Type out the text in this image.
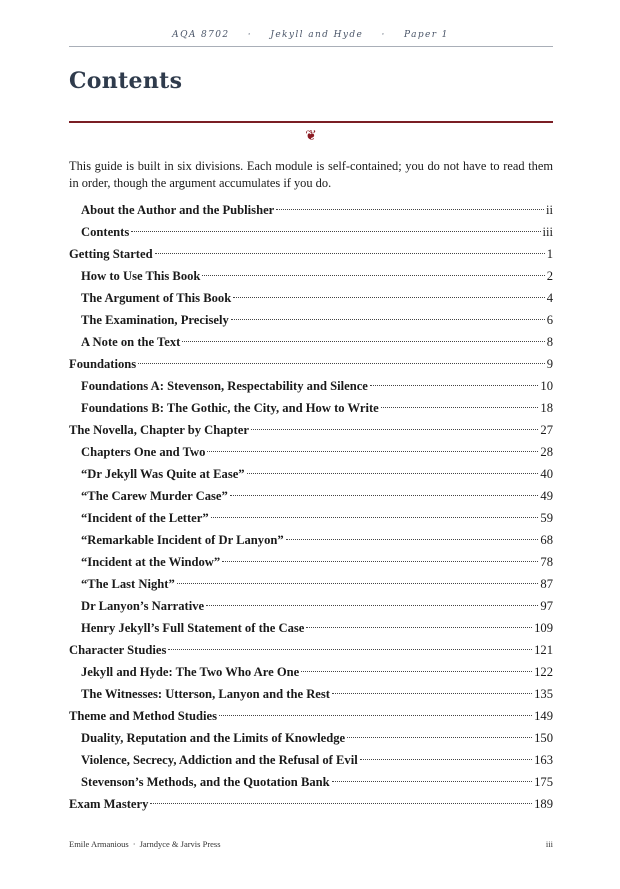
AQA 8702 · Jekyll and Hyde · Paper 1
Contents
❦

This guide is built in six divisions. Each module is self-contained; you do not have to read them in order, though the argument accumulates if you do.

About the Author and the Publisher	ii
Contents	iii
Getting Started	1
How to Use This Book	2
The Argument of This Book	4
The Examination, Precisely	6
A Note on the Text	8
Foundations	9
Foundations A: Stevenson, Respectability and Silence	10
Foundations B: The Gothic, the City, and How to Write	18
The Novella, Chapter by Chapter	27
Chapters One and Two	28
“Dr Jekyll Was Quite at Ease”	40
“The Carew Murder Case”	49
“Incident of the Letter”	59
“Remarkable Incident of Dr Lanyon”	68
“Incident at the Window”	78
“The Last Night”	87
Dr Lanyon’s Narrative	97
Henry Jekyll’s Full Statement of the Case	109
Character Studies	121
Jekyll and Hyde: The Two Who Are One	122
The Witnesses: Utterson, Lanyon and the Rest	135
Theme and Method Studies	149
Duality, Reputation and the Limits of Knowledge	150
Violence, Secrecy, Addiction and the Refusal of Evil	163
Stevenson’s Methods, and the Quotation Bank	175
Exam Mastery	189
Emile Armanious · Jarndyce & Jarvis Press	iii
